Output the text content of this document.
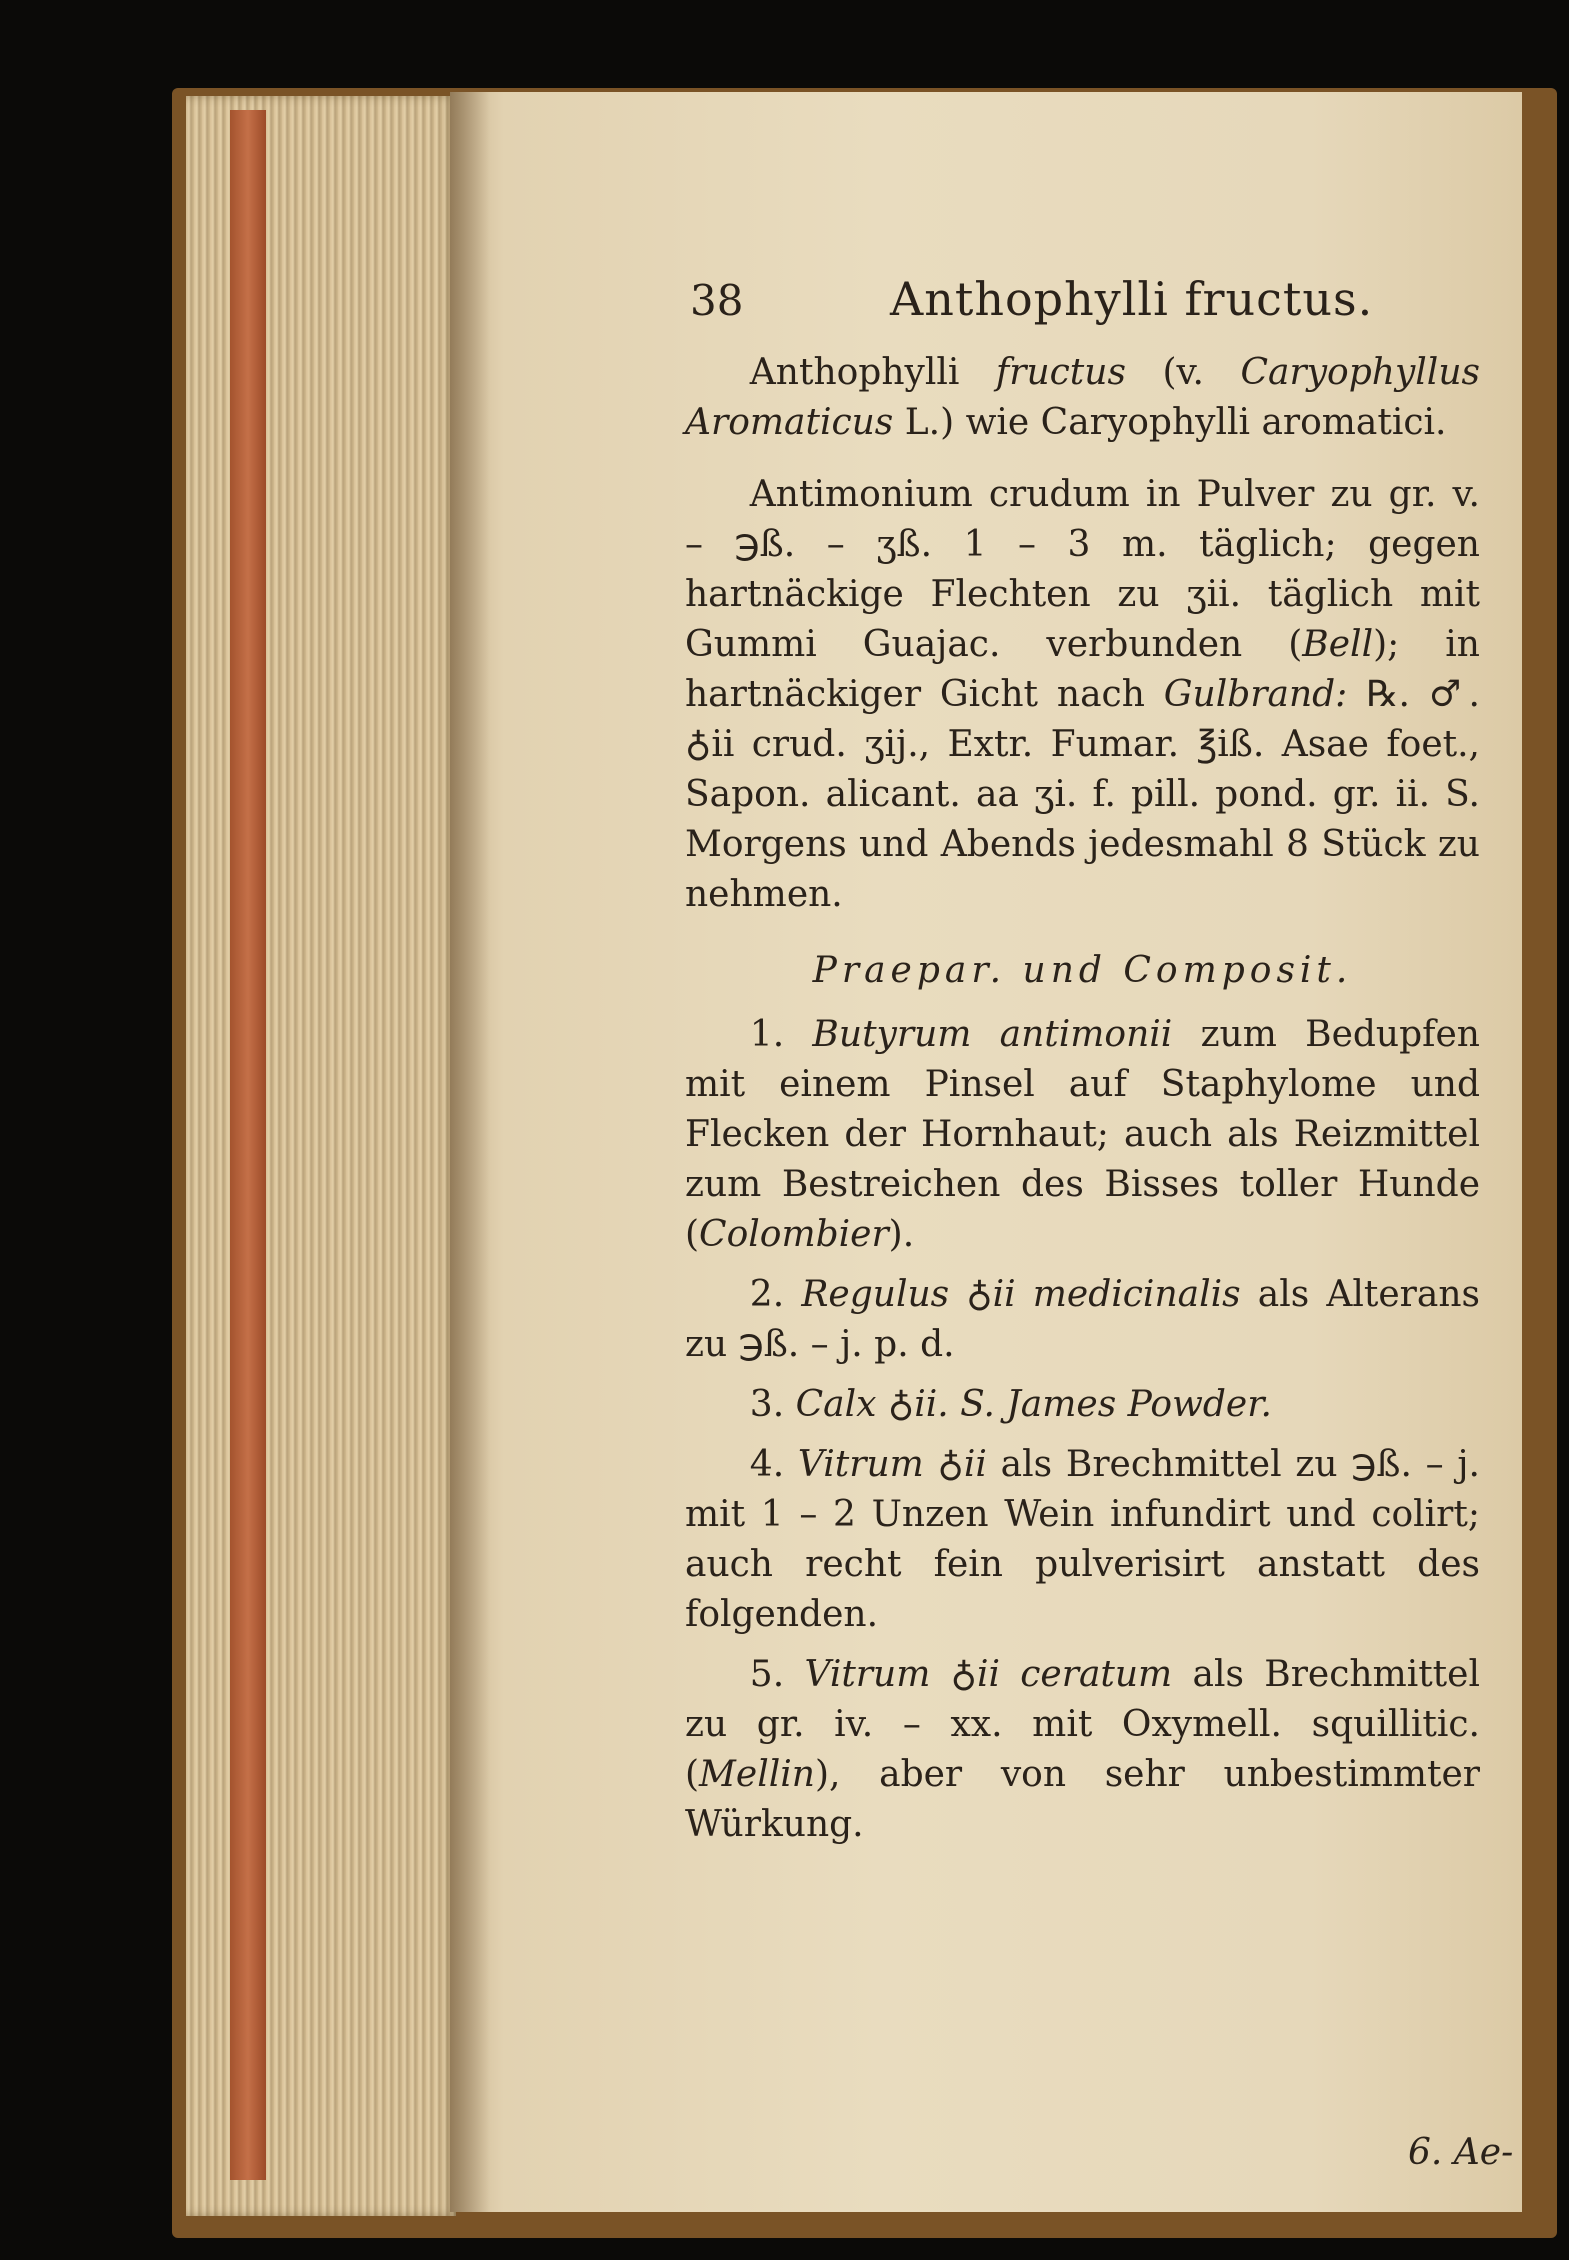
38	Anthophylli fructus.

Anthophylli fructus (v. Caryophyllus Aromaticus L.) wie Caryophylli aromatici.

Antimonium crudum in Pulver zu gr. v. – ℈ß. – ʒß. 1 – 3 m. täglich; gegen hartnäckige Flechten zu ʒii. täglich mit Gummi Guajac. verbunden (Bell); in hartnäckiger Gicht nach Gulbrand: ℞. ♂. ♁ii crud. ʒij., Extr. Fumar. ℥iß. Asae foet., Sapon. alicant. aa ʒi. f. pill. pond. gr. ii. S. Morgens und Abends jedesmahl 8 Stück zu nehmen.

Praepar. und Composit.

1. Butyrum antimonii zum Bedupfen mit einem Pinsel auf Staphylome und Flecken der Hornhaut; auch als Reizmittel zum Bestreichen des Bisses toller Hunde (Colombier).

2. Regulus ♁ii medicinalis als Alterans zu ℈ß. – j. p. d.

3. Calx ♁ii. S. James Powder.

4. Vitrum ♁ii als Brechmittel zu ℈ß. – j. mit 1 – 2 Unzen Wein infundirt und colirt; auch recht fein pulverisirt anstatt des folgenden.

5. Vitrum ♁ii ceratum als Brechmittel zu gr. iv. – xx. mit Oxymell. squillitic. (Mellin), aber von sehr unbestimmter Würkung.

6. Ae-
